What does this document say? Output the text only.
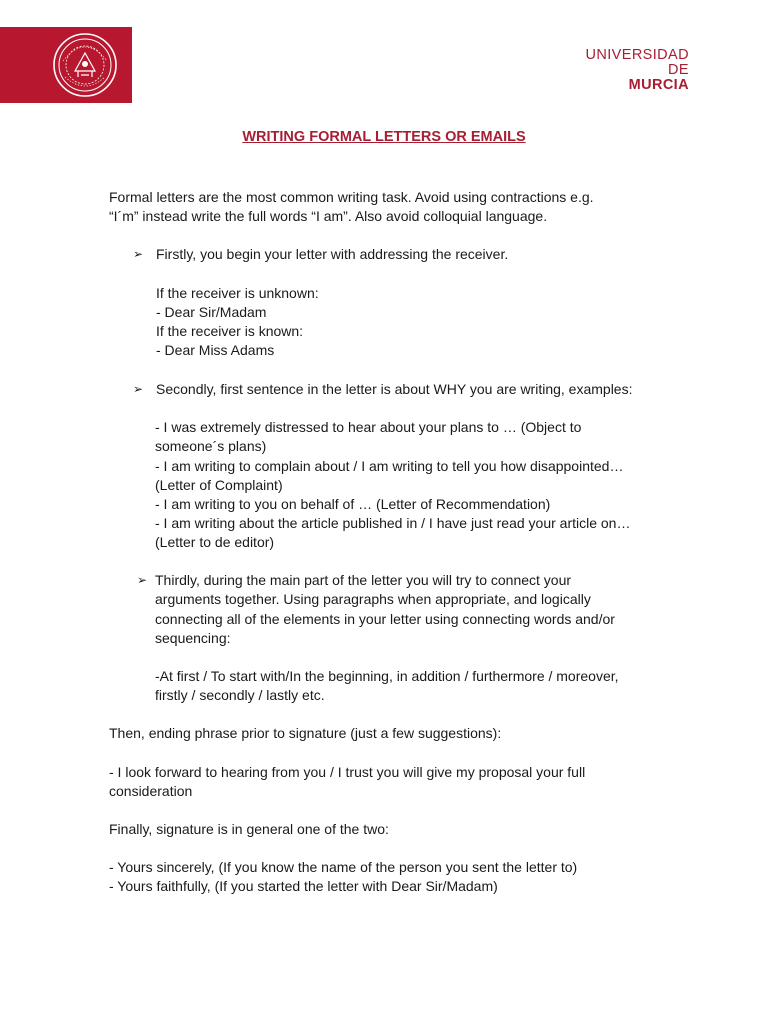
UNIVERSIDAD DE
MURCIA
WRITING FORMAL LETTERS OR EMAILS

Formal letters are the most common writing task. Avoid using contractions e.g.

“I´m” instead write the full words “I am”. Also avoid colloquial language.

➢ Firstly, you begin your letter with addressing the receiver.

If the receiver is unknown:

- Dear Sir/Madam

If the receiver is known:

- Dear Miss Adams

➢ Secondly, first sentence in the letter is about WHY you are writing, examples:

- I was extremely distressed to hear about your plans to … (Object to

someone´s plans)

- I am writing to complain about / I am writing to tell you how disappointed…

(Letter of Complaint)

- I am writing to you on behalf of … (Letter of Recommendation)

- I am writing about the article published in / I have just read your article on…

(Letter to de editor)

➢ Thirdly, during the main part of the letter you will try to connect your

arguments together. Using paragraphs when appropriate, and logically

connecting all of the elements in your letter using connecting words and/or

sequencing:

-At first / To start with/In the beginning, in addition / furthermore / moreover,

firstly / secondly / lastly etc.

Then, ending phrase prior to signature (just a few suggestions):

- I look forward to hearing from you / I trust you will give my proposal your full

consideration

Finally, signature is in general one of the two:

- Yours sincerely, (If you know the name of the person you sent the letter to)

- Yours faithfully, (If you started the letter with Dear Sir/Madam)
